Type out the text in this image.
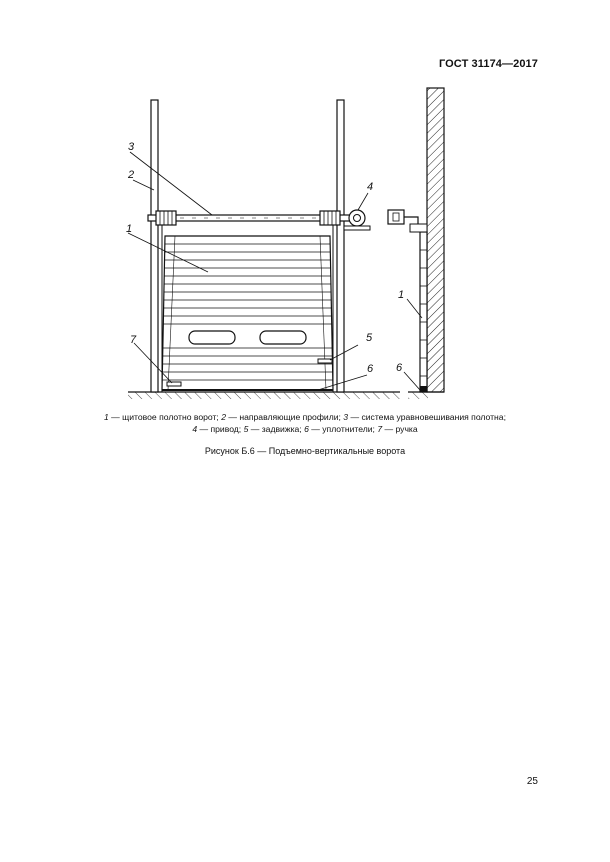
ГОСТ 31174—2017
3
2
4
1
5
7
6
1
6
1 — щитовое полотно ворот; 2 — направляющие профили; 3 — система уравновешивания полотна;
4 — привод; 5 — задвижка; 6 — уплотнители; 7 — ручка
Рисунок Б.6 — Подъемно-вертикальные ворота
25
